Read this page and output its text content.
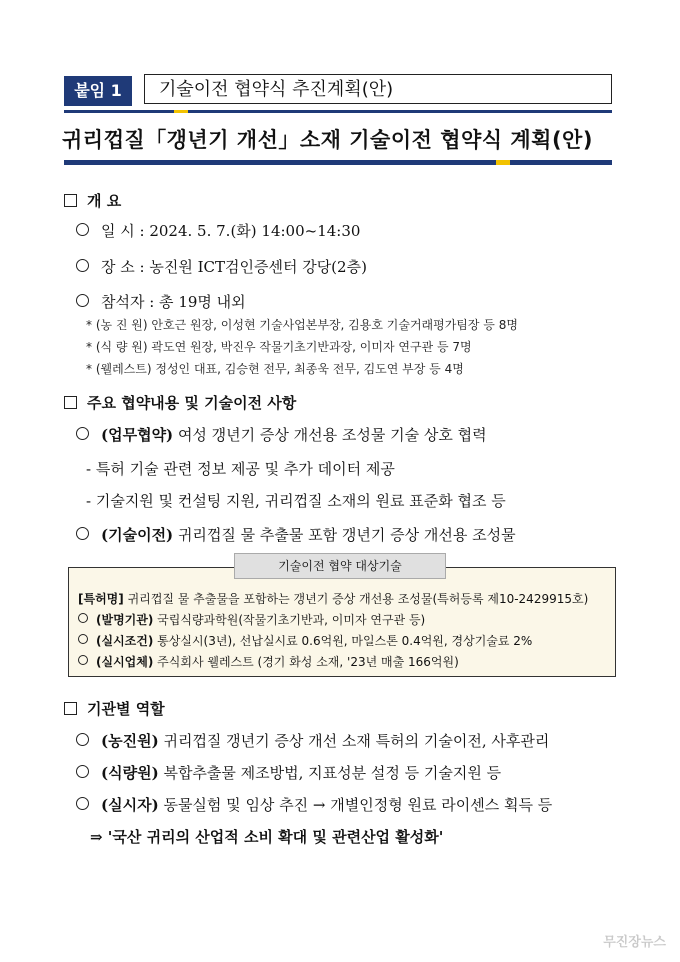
붙임 1	기술이전 협약식 추진계획(안)
귀리껍질「갱년기 개선」소재 기술이전 협약식 계획(안)
개 요
일 시 : 2024. 5. 7.(화) 14:00~14:30
장 소 : 농진원 ICT검인증센터 강당(2층)
참석자 : 총 19명 내외
* (농 진 원) 안호근 원장, 이성현 기술사업본부장, 김용호 기술거래평가팀장 등 8명
* (식 량 원) 곽도연 원장, 박진우 작물기초기반과장, 이미자 연구관 등 7명
* (웰레스트) 정성인 대표, 김승현 전무, 최종욱 전무, 김도연 부장 등 4명
주요 협약내용 및 기술이전 사항
(업무협약) 여성 갱년기 증상 개선용 조성물 기술 상호 협력
- 특허 기술 관련 정보 제공 및 추가 데이터 제공
- 기술지원 및 컨설팅 지원, 귀리껍질 소재의 원료 표준화 협조 등
(기술이전) 귀리껍질 물 추출물 포함 갱년기 증상 개선용 조성물
기술이전 협약 대상기술
[특허명] 귀리껍질 물 추출물을 포함하는 갱년기 증상 개선용 조성물(특허등록 제10-2429915호)
(발명기관) 국립식량과학원(작물기초기반과, 이미자 연구관 등)
(실시조건) 통상실시(3년), 선납실시료 0.6억원, 마일스톤 0.4억원, 경상기술료 2%
(실시업체) 주식회사 웰레스트 (경기 화성 소재, '23년 매출 166억원)
기관별 역할
(농진원) 귀리껍질 갱년기 증상 개선 소재 특허의 기술이전, 사후관리
(식량원) 복합추출물 제조방법, 지표성분 설정 등 기술지원 등
(실시자) 동물실험 및 임상 추진 → 개별인정형 원료 라이센스 획득 등
⇒ '국산 귀리의 산업적 소비 확대 및 관련산업 활성화'
무진장뉴스
